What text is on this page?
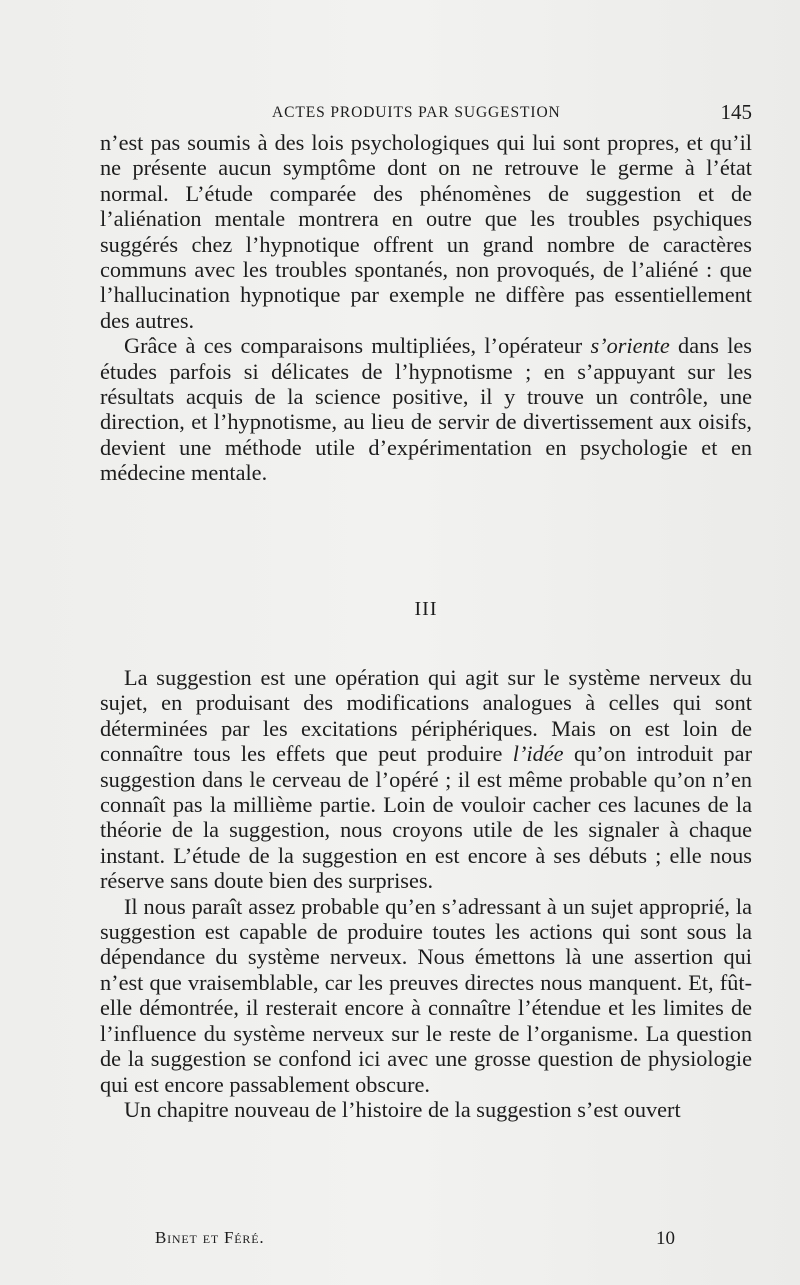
ACTES PRODUITS PAR SUGGESTION	145

n’est pas soumis à des lois psychologiques qui lui sont propres, et qu’il ne présente aucun symptôme dont on ne retrouve le germe à l’état normal. L’étude comparée des phénomènes de suggestion et de l’aliénation mentale montrera en outre que les troubles psychiques suggérés chez l’hypnotique offrent un grand nombre de caractères communs avec les troubles spontanés, non provoqués, de l’aliéné : que l’hallucination hypnotique par exemple ne diffère pas essentiellement des autres.

Grâce à ces comparaisons multipliées, l’opérateur s’oriente dans les études parfois si délicates de l’hypnotisme ; en s’appuyant sur les résultats acquis de la science positive, il y trouve un contrôle, une direction, et l’hypnotisme, au lieu de servir de divertissement aux oisifs, devient une méthode utile d’expérimentation en psychologie et en médecine mentale.

III

La suggestion est une opération qui agit sur le système nerveux du sujet, en produisant des modifications analogues à celles qui sont déterminées par les excitations périphériques. Mais on est loin de connaître tous les effets que peut produire l’idée qu’on introduit par suggestion dans le cerveau de l’opéré ; il est même probable qu’on n’en connaît pas la millième partie. Loin de vouloir cacher ces lacunes de la théorie de la suggestion, nous croyons utile de les signaler à chaque instant. L’étude de la suggestion en est encore à ses débuts ; elle nous réserve sans doute bien des surprises.

Il nous paraît assez probable qu’en s’adressant à un sujet approprié, la suggestion est capable de produire toutes les actions qui sont sous la dépendance du système nerveux. Nous émettons là une assertion qui n’est que vraisemblable, car les preuves directes nous manquent. Et, fût-elle démontrée, il resterait encore à connaître l’étendue et les limites de l’influence du système nerveux sur le reste de l’organisme. La question de la suggestion se confond ici avec une grosse question de physiologie qui est encore passablement obscure.

Un chapitre nouveau de l’histoire de la suggestion s’est ouvert

Binet et Féré.	10
